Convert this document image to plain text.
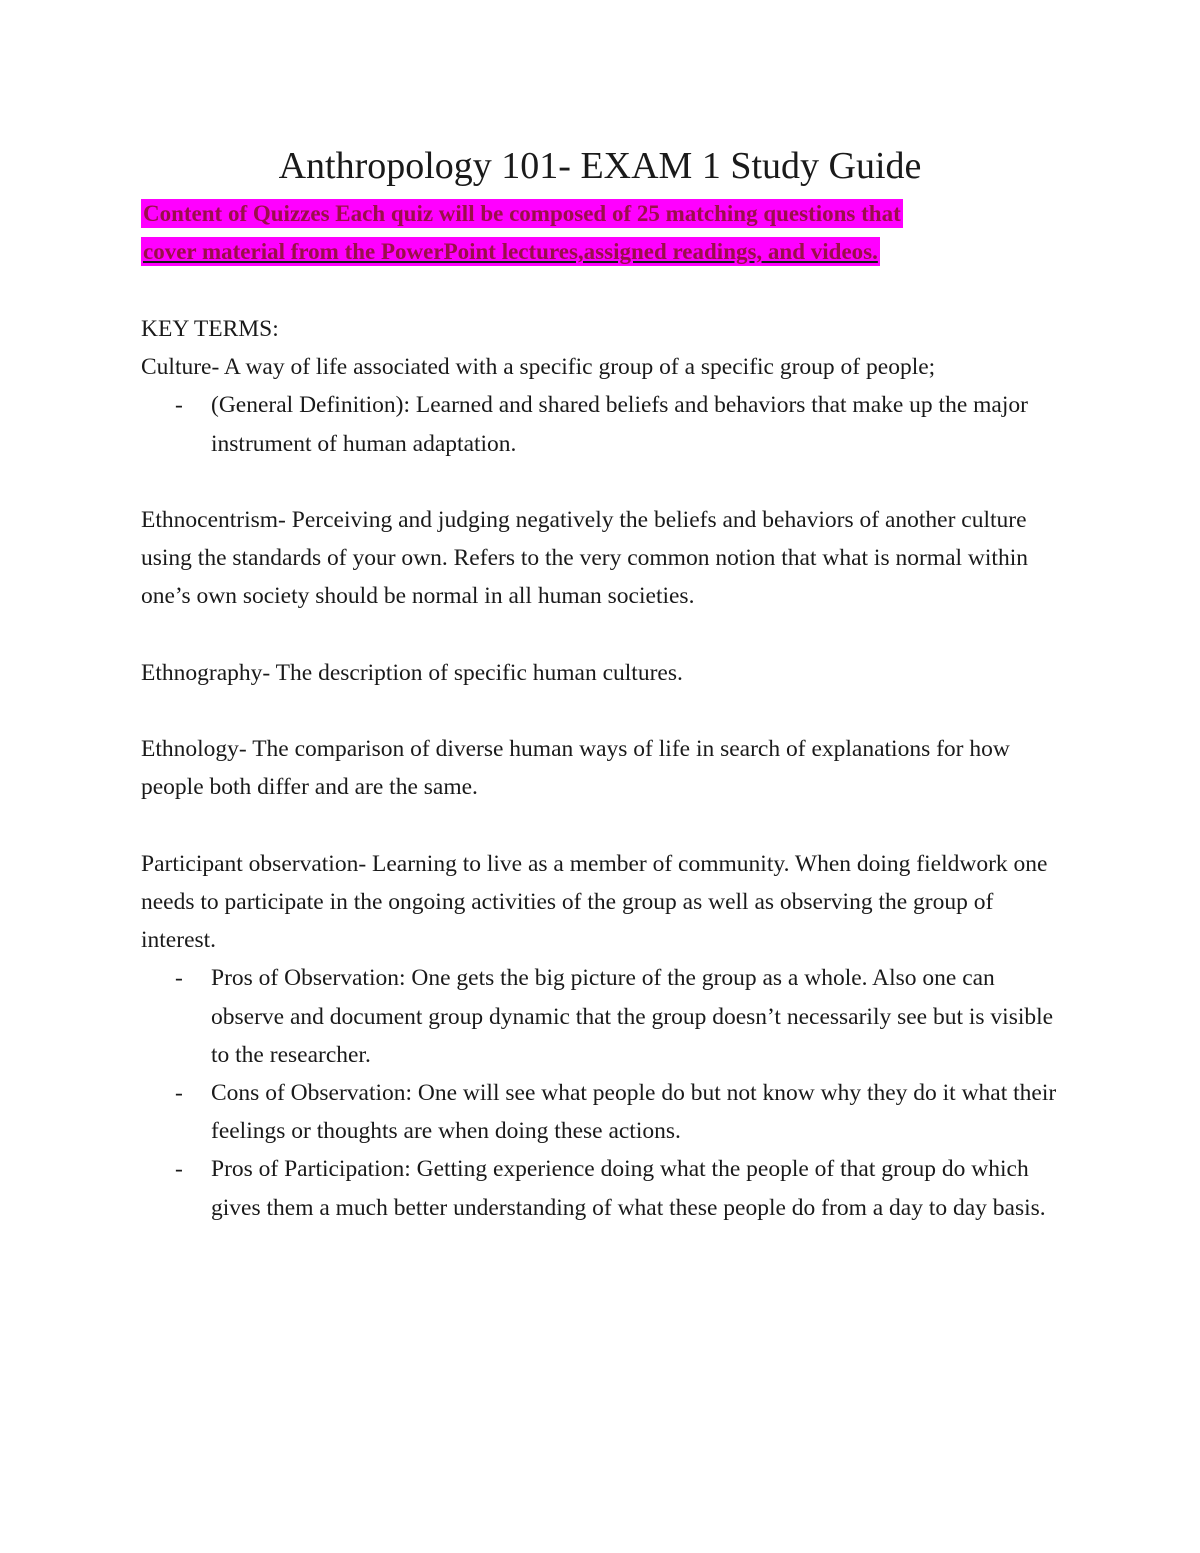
Anthropology 101- EXAM 1 Study Guide
Content of Quizzes Each quiz will be composed of 25 matching questions that
cover material from the PowerPoint lectures,assigned readings, and videos.

KEY TERMS:

Culture- A way of life associated with a specific group of a specific group of people;

- (General Definition): Learned and shared beliefs and behaviors that make up the major instrument of human adaptation.

Ethnocentrism- Perceiving and judging negatively the beliefs and behaviors of another culture using the standards of your own. Refers to the very common notion that what is normal within one’s own society should be normal in all human societies.

Ethnography- The description of specific human cultures.

Ethnology- The comparison of diverse human ways of life in search of explanations for how people both differ and are the same.

Participant observation- Learning to live as a member of community. When doing fieldwork one needs to participate in the ongoing activities of the group as well as observing the group of interest.

- Pros of Observation: One gets the big picture of the group as a whole. Also one can observe and document group dynamic that the group doesn’t necessarily see but is visible to the researcher.
- Cons of Observation: One will see what people do but not know why they do it what their feelings or thoughts are when doing these actions.
- Pros of Participation: Getting experience doing what the people of that group do which gives them a much better understanding of what these people do from a day to day basis.
